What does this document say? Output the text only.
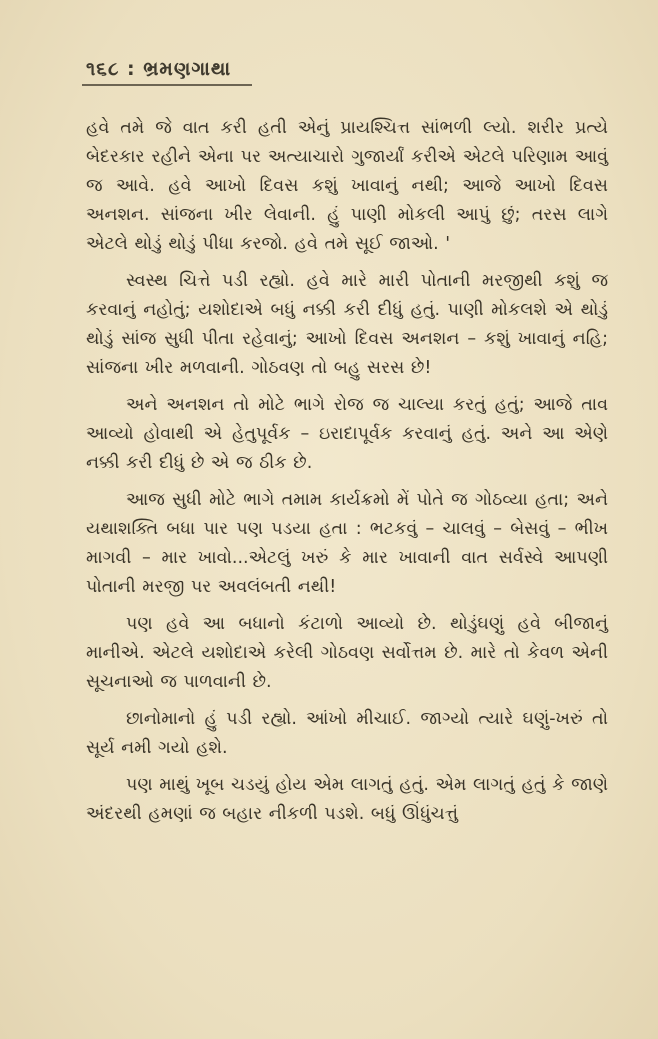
૧૬૮ : ભ્રમણગાથા

હવે તમે જે વાત કરી હતી એનું પ્રાયશ્ચિત્ત સાંભળી લ્યો. શરીર પ્રત્યે બેદરકાર રહીને એના પર અત્યાચારો ગુજાર્યાં કરીએ એટલે પરિણામ આવું જ આવે. હવે આખો દિવસ કશું ખાવાનું નથી; આજે આખો દિવસ અનશન. સાંજના ખીર લેવાની. હું પાણી મોકલી આપું છું; તરસ લાગે એટલે થોડું થોડું પીધા કરજો. હવે તમે સૂઈ જાઓ. '

સ્વસ્થ ચિત્તે પડી રહ્યો. હવે મારે મારી પોતાની મરજીથી કશું જ કરવાનું નહોતું; યશોદાએ બધું નક્કી કરી દીધું હતું. પાણી મોકલશે એ થોડું થોડું સાંજ સુધી પીતા રહેવાનું; આખો દિવસ અનશન – કશું ખાવાનું નહિ; સાંજના ખીર મળવાની. ગોઠવણ તો બહુ સરસ છે!

અને અનશન તો મોટે ભાગે રોજ જ ચાલ્યા કરતું હતું; આજે તાવ આવ્યો હોવાથી એ હેતુપૂર્વક – ઇરાદાપૂર્વક કરવાનું હતું. અને આ એણે નક્કી કરી દીધું છે એ જ ઠીક છે.

આજ સુધી મોટે ભાગે તમામ કાર્યક્રમો મેં પોતે જ ગોઠવ્યા હતા; અને યથાશક્તિ બધા પાર પણ પડયા હતા : ભટકવું – ચાલવું – બેસવું – ભીખ માગવી – માર ખાવો...એટલું ખરું કે માર ખાવાની વાત સર્વસ્વે આપણી પોતાની મરજી પર અવલંબતી નથી!

પણ હવે આ બધાનો કંટાળો આવ્યો છે. થોડુંઘણું હવે બીજાનું માનીએ. એટલે યશોદાએ કરેલી ગોઠવણ સર્વોત્તમ છે. મારે તો કેવળ એની સૂચનાઓ જ પાળવાની છે.

છાનોમાનો હું પડી રહ્યો. આંખો મીચાઈ. જાગ્યો ત્યારે ઘણું-ખરું તો સૂર્ય નમી ગયો હશે.

પણ માથું ખૂબ ચડયું હોય એમ લાગતું હતું. એમ લાગતું હતું કે જાણે અંદરથી હમણાં જ બહાર નીકળી પડશે. બધું ઊંધુંચત્તું
